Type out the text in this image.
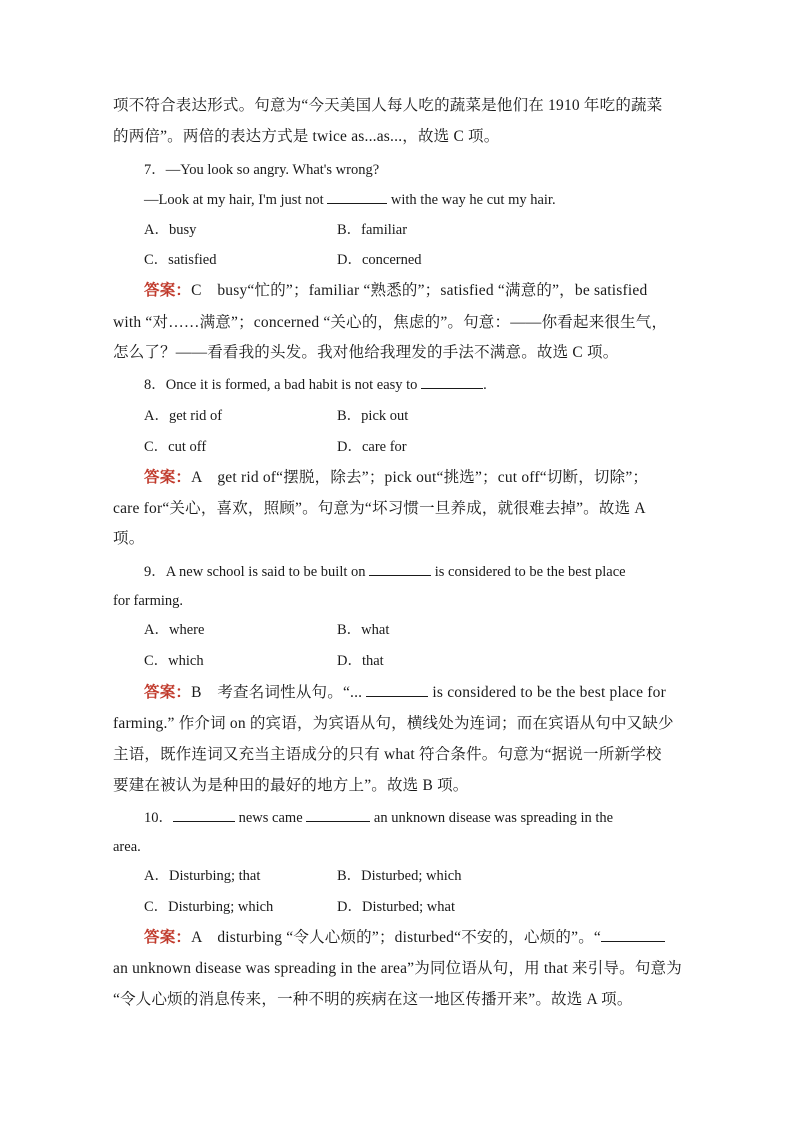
项不符合表达形式。句意为“今天美国人每人吃的蔬菜是他们在 1910 年吃的蔬菜
的两倍”。两倍的表达方式是 twice as...as...，故选 C 项。
7．—You look so angry. What's wrong?
—Look at my hair, I'm just not	with the way he cut my hair.
A．busy	B．familiar
C．satisfied	D．concerned
答案：C　busy“忙的”；familiar “熟悉的”；satisfied “满意的”，be satisfied
with “对……满意”；concerned “关心的，焦虑的”。句意：——你看起来很生气，
怎么了？——看看我的头发。我对他给我理发的手法不满意。故选 C 项。
8．Once it is formed, a bad habit is not easy to	.
A．get rid of	B．pick out
C．cut off	D．care for
答案：A　get rid of“摆脱，除去”；pick out“挑选”；cut off“切断，切除”；
care for“关心，喜欢，照顾”。句意为“坏习惯一旦养成，就很难去掉”。故选 A
项。
9．A new school is said to be built on	is considered to be the best place
for farming.
A．where	B．what
C．which	D．that
答案：B　考查名词性从句。“...	is considered to be the best place for
farming.” 作介词 on 的宾语，为宾语从句，横线处为连词；而在宾语从句中又缺少
主语，既作连词又充当主语成分的只有 what 符合条件。句意为“据说一所新学校
要建在被认为是种田的最好的地方上”。故选 B 项。
10．	news came	an unknown disease was spreading in the
area.
A．Disturbing; that	B．Disturbed; which
C．Disturbing; which	D．Disturbed; what
答案：A　disturbing “令人心烦的”；disturbed“不安的，心烦的”。“
an unknown disease was spreading in the area”为同位语从句，用 that 来引导。句意为
“令人心烦的消息传来，一种不明的疾病在这一地区传播开来”。故选 A 项。
